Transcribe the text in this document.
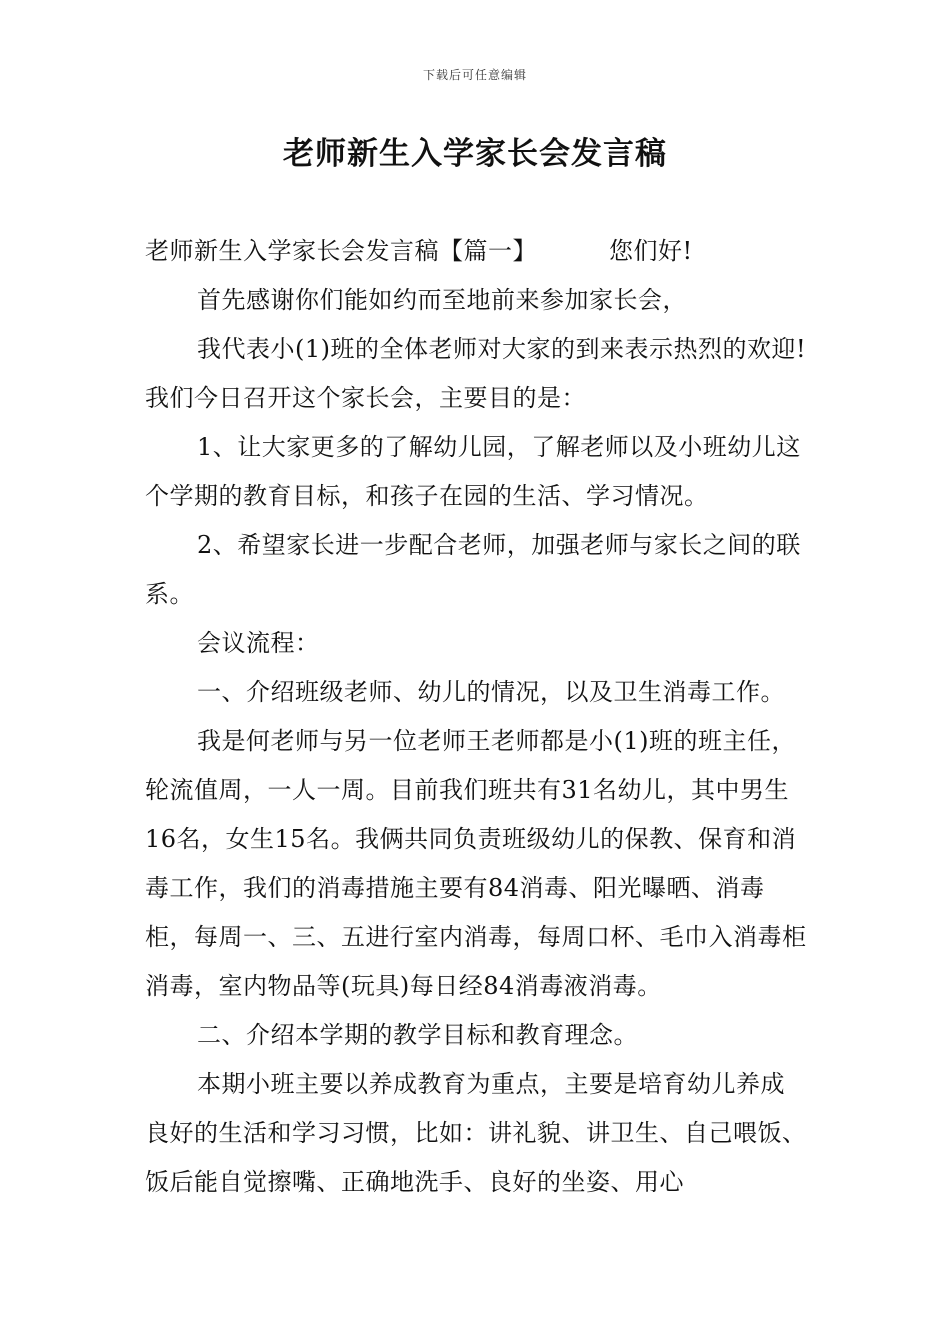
下载后可任意编辑
老师新生入学家长会发言稿

老师新生入学家长会发言稿【篇一】	您们好!

首先感谢你们能如约而至地前来参加家长会，

我代表小(1)班的全体老师对大家的到来表示热烈的欢迎!我们今日召开这个家长会，主要目的是：

1、让大家更多的了解幼儿园，了解老师以及小班幼儿这个学期的教育目标，和孩子在园的生活、学习情况。

2、希望家长进一步配合老师，加强老师与家长之间的联系。

会议流程：

一、介绍班级老师、幼儿的情况，以及卫生消毒工作。

我是何老师与另一位老师王老师都是小(1)班的班主任，轮流值周，一人一周。目前我们班共有31名幼儿，其中男生16名，女生15名。我俩共同负责班级幼儿的保教、保育和消毒工作，我们的消毒措施主要有84消毒、阳光曝晒、消毒柜，每周一、三、五进行室内消毒，每周口杯、毛巾入消毒柜消毒，室内物品等(玩具)每日经84消毒液消毒。

二、介绍本学期的教学目标和教育理念。

本期小班主要以养成教育为重点，主要是培育幼儿养成良好的生活和学习习惯，比如：讲礼貌、讲卫生、自己喂饭、饭后能自觉擦嘴、正确地洗手、良好的坐姿、用心
